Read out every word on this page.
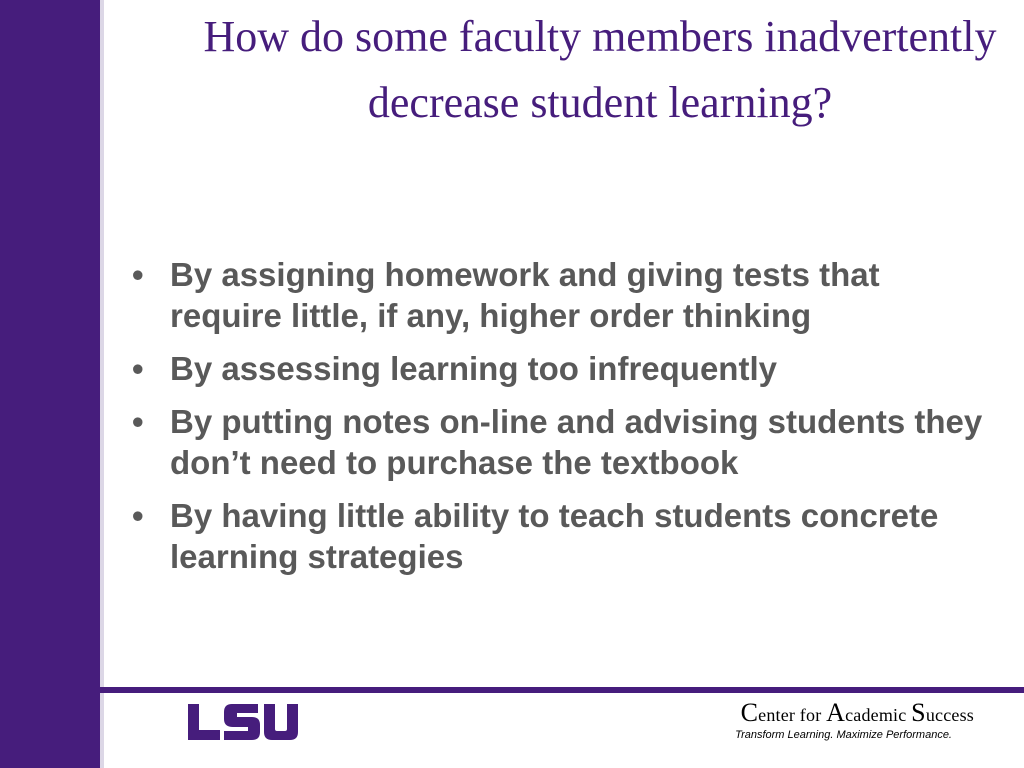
How do some faculty members inadvertently decrease student learning?
• By assigning homework and giving tests that require little, if any, higher order thinking
• By assessing learning too infrequently
• By putting notes on-line and advising students they don’t need to purchase the textbook
• By having little ability to teach students concrete learning strategies
Center for Academic Success
Transform Learning. Maximize Performance.
